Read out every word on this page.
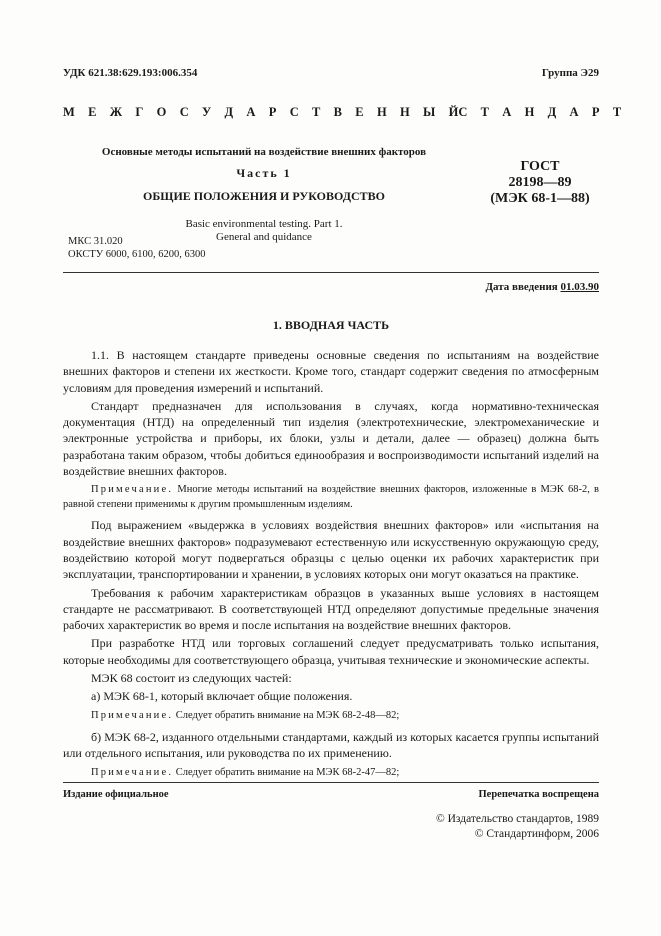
УДК 621.38:629.193:006.354	Группа Э29
М Е Ж Г О С У Д А Р С Т В Е Н Н Ы Й С Т А Н Д А Р Т
Основные методы испытаний на воздействие внешних факторов
Часть 1
ОБЩИЕ ПОЛОЖЕНИЯ И РУКОВОДСТВО
Basic environmental testing. Part 1.
General and quidance
ГОСТ
28198—89
(МЭК 68-1—88)
МКС 31.020
ОКСТУ 6000, 6100, 6200, 6300
Дата введения 01.03.90
1. ВВОДНАЯ ЧАСТЬ

1.1. В настоящем стандарте приведены основные сведения по испытаниям на воздействие внешних факторов и степени их жесткости. Кроме того, стандарт содержит сведения по атмосферным условиям для проведения измерений и испытаний.

Стандарт предназначен для использования в случаях, когда нормативно-техническая документация (НТД) на определенный тип изделия (электротехнические, электромеханические и электронные устройства и приборы, их блоки, узлы и детали, далее — образец) должна быть разработана таким образом, чтобы добиться единообразия и воспроизводимости испытаний изделий на воздействие внешних факторов.

Примечание. Многие методы испытаний на воздействие внешних факторов, изложенные в МЭК 68-2, в равной степени применимы к другим промышленным изделиям.

Под выражением «выдержка в условиях воздействия внешних факторов» или «испытания на воздействие внешних факторов» подразумевают естественную или искусственную окружающую среду, воздействию которой могут подвергаться образцы с целью оценки их рабочих характеристик при эксплуатации, транспортировании и хранении, в условиях которых они могут оказаться на практике.

Требования к рабочим характеристикам образцов в указанных выше условиях в настоящем стандарте не рассматривают. В соответствующей НТД определяют допустимые предельные значения рабочих характеристик во время и после испытания на воздействие внешних факторов.

При разработке НТД или торговых соглашений следует предусматривать только испытания, которые необходимы для соответствующего образца, учитывая технические и экономические аспекты.

МЭК 68 состоит из следующих частей:

а) МЭК 68-1, который включает общие положения.

Примечание. Следует обратить внимание на МЭК 68-2-48—82;

б) МЭК 68-2, изданного отдельными стандартами, каждый из которых касается группы испытаний или отдельного испытания, или руководства по их применению.

Примечание. Следует обратить внимание на МЭК 68-2-47—82;

Издание официальное	Перепечатка воспрещена
© Издательство стандартов, 1989
© Стандартинформ, 2006
